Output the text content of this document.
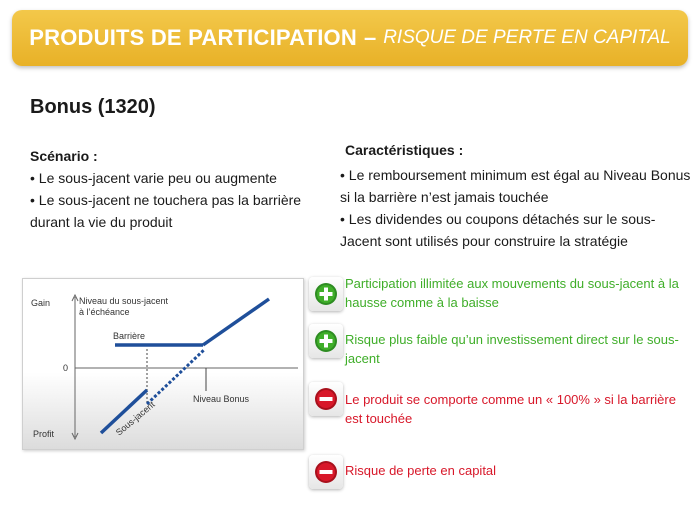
PRODUITS DE PARTICIPATION – RISQUE DE PERTE EN CAPITAL
Bonus (1320)
Scénario :
• Le sous-jacent varie peu ou augmente
• Le sous-jacent ne touchera pas la barrière durant la vie du produit
Caractéristiques :
• Le remboursement minimum est égal au Niveau Bonus si la barrière n’est jamais touchée
• Les dividendes ou coupons détachés sur le sous-Jacent sont utilisés pour construire la stratégie
Gain
0
Profit
Niveau du sous-jacent
à l’échéance
Barrière
Niveau Bonus
Sous-jacent
Participation illimitée aux mouvements du sous-jacent à la hausse comme à la baisse
Risque plus faible qu’un investissement direct sur le sous-jacent
Le produit se comporte comme un « 100% » si la barrière est touchée
Risque de perte en capital
